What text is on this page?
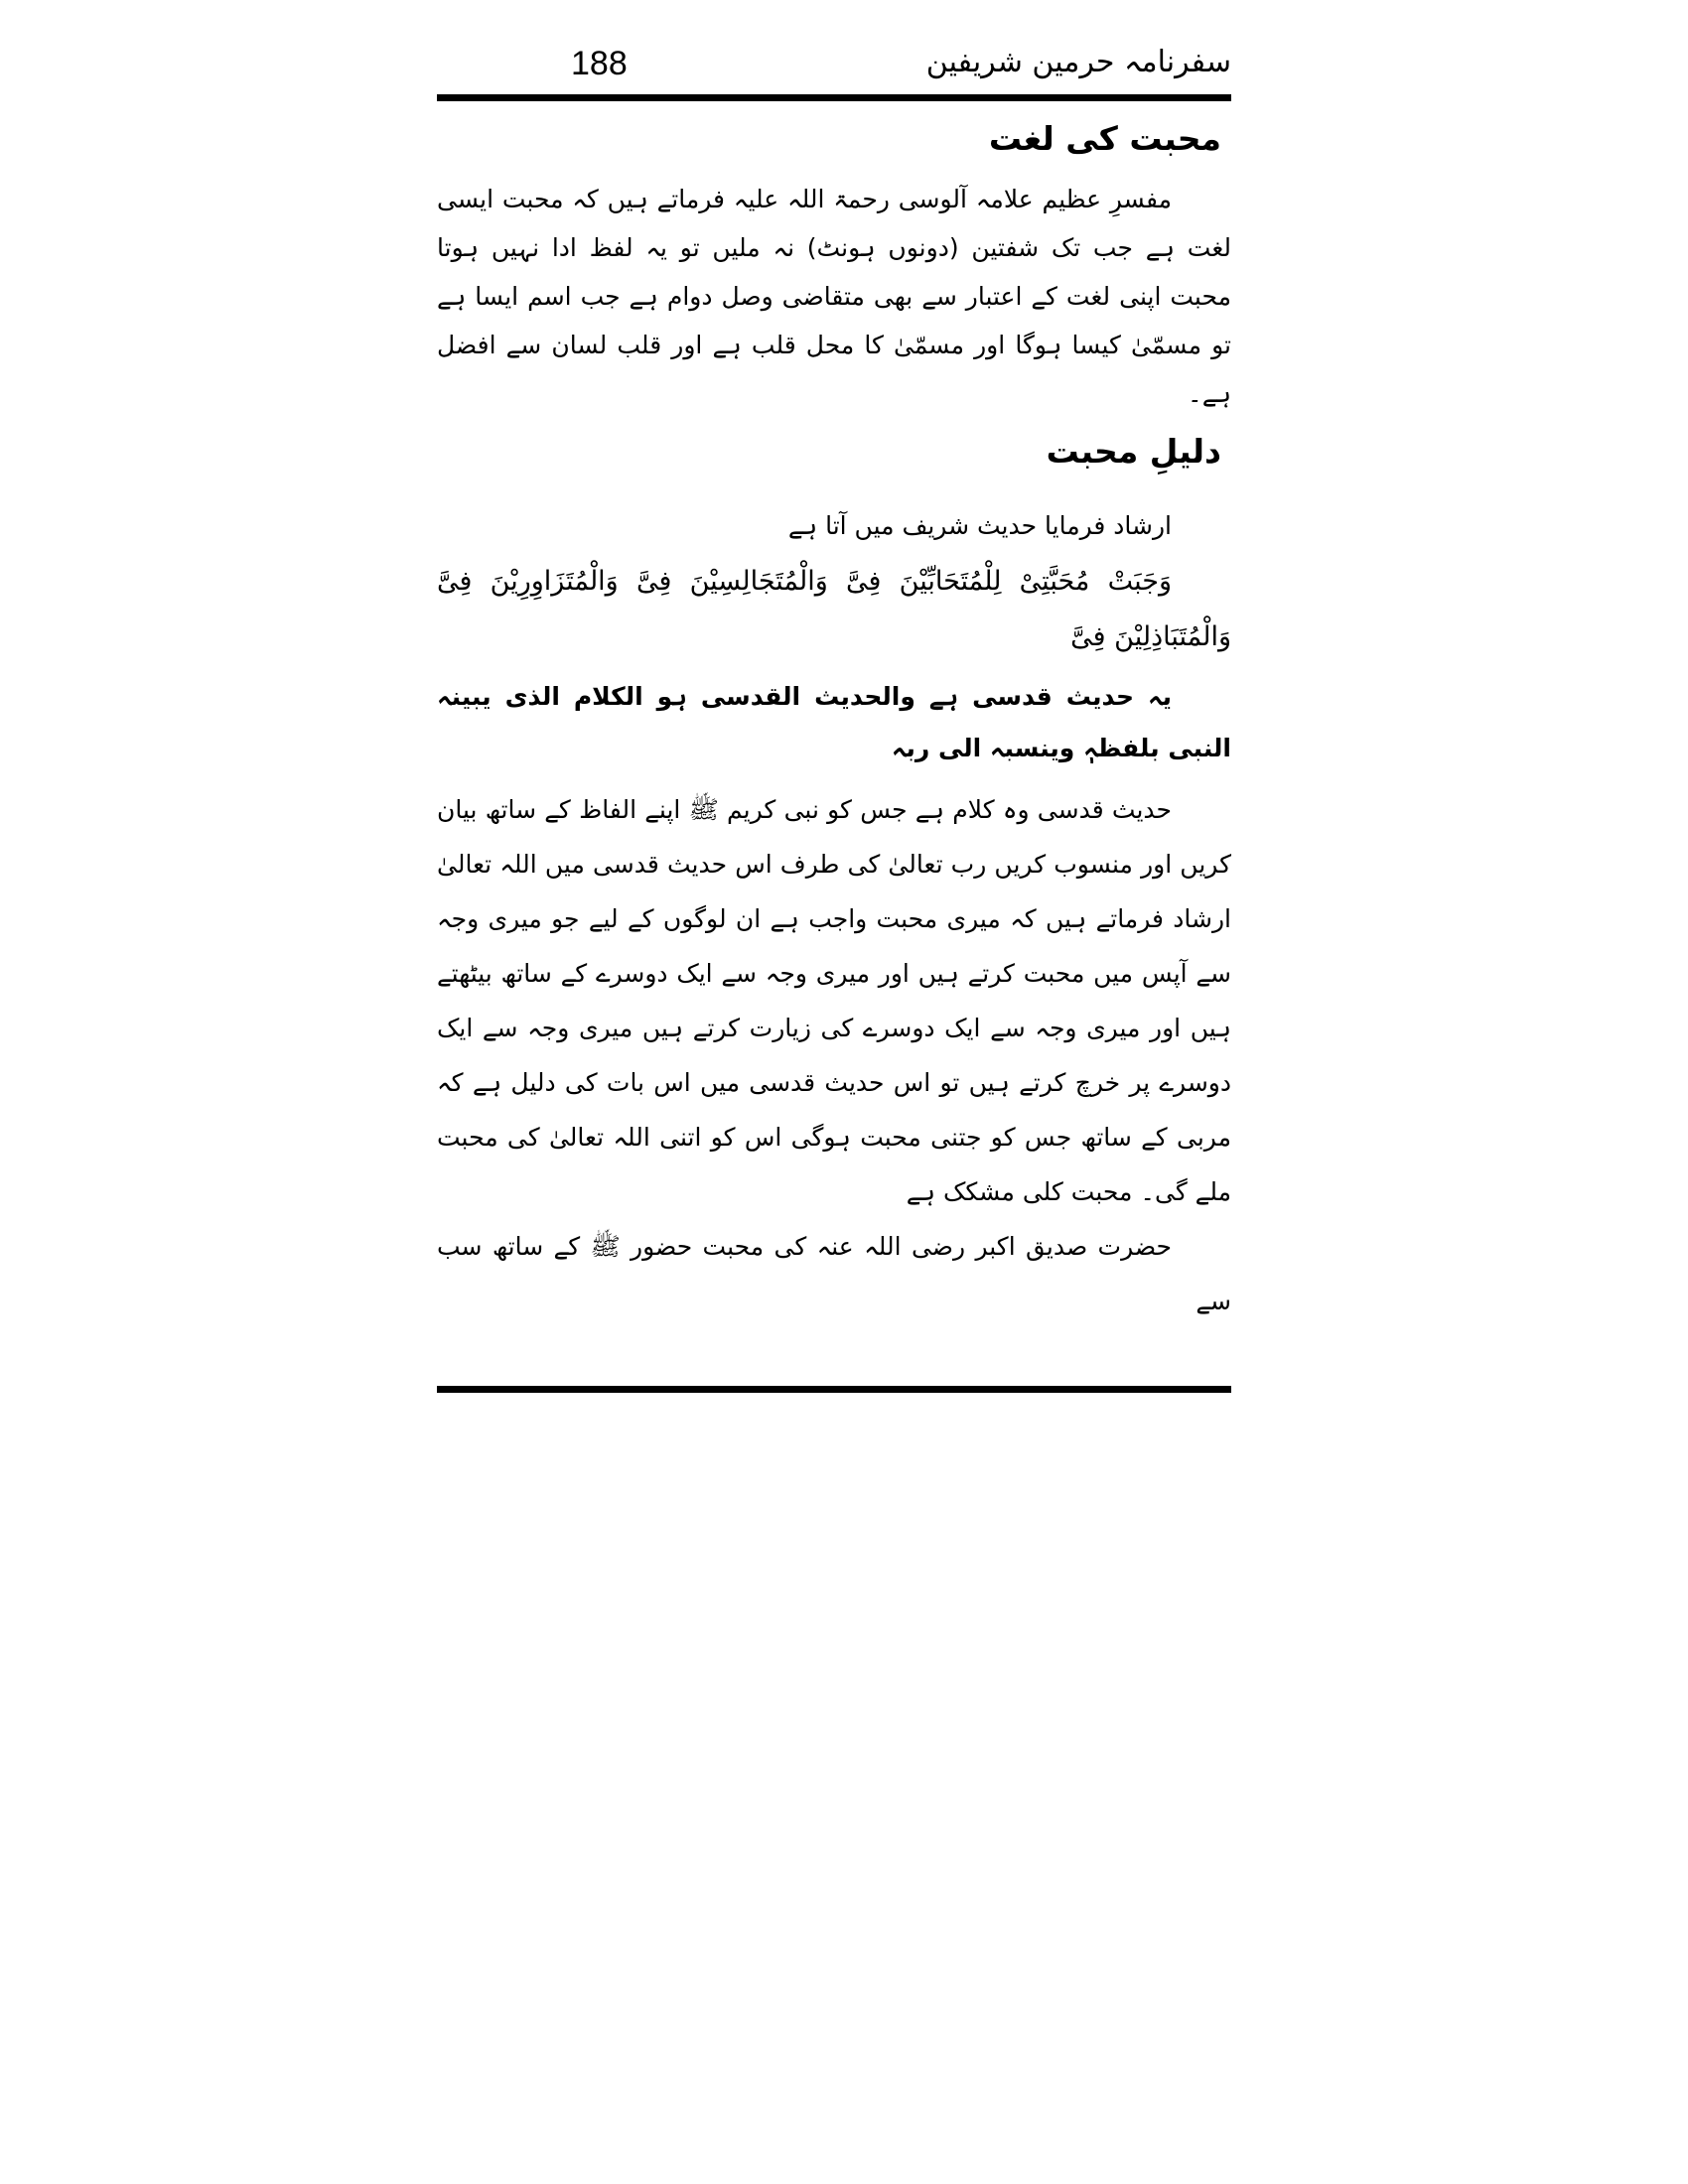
188	سفرنامہ حرمین شریفین
محبت کی لغت

مفسرِ عظیم علامہ آلوسی رحمۃ اللہ علیہ فرماتے ہیں کہ محبت ایسی لغت ہے جب تک شفتین (دونوں ہونٹ) نہ ملیں تو یہ لفظ ادا نہیں ہوتا محبت اپنی لغت کے اعتبار سے بھی متقاضی وصل دوام ہے جب اسم ایسا ہے تو مسمّیٰ کیسا ہوگا اور مسمّیٰ کا محل قلب ہے اور قلب لسان سے افضل ہے۔

دلیلِ محبت

ارشاد فرمایا حدیث شریف میں آتا ہے

وَجَبَتْ مُحَبَّتِیْ لِلْمُتَحَابِّیْنَ فِیَّ وَالْمُتَجَالِسِیْنَ فِیَّ وَالْمُتَزَاوِرِیْنَ فِیَّ وَالْمُتَبَاذِلِیْنَ فِیَّ

یہ حدیث قدسی ہے والحدیث القدسی ہو الکلام الذی یبینہ النبی بلفظہٖ وینسبہ الی ربہ

حدیث قدسی وہ کلام ہے جس کو نبی کریم ﷺ اپنے الفاظ کے ساتھ بیان کریں اور منسوب کریں رب تعالیٰ کی طرف اس حدیث قدسی میں اللہ تعالیٰ ارشاد فرماتے ہیں کہ میری محبت واجب ہے ان لوگوں کے لیے جو میری وجہ سے آپس میں محبت کرتے ہیں اور میری وجہ سے ایک دوسرے کے ساتھ بیٹھتے ہیں اور میری وجہ سے ایک دوسرے کی زیارت کرتے ہیں میری وجہ سے ایک دوسرے پر خرچ کرتے ہیں تو اس حدیث قدسی میں اس بات کی دلیل ہے کہ مربی کے ساتھ جس کو جتنی محبت ہوگی اس کو اتنی اللہ تعالیٰ کی محبت ملے گی۔ محبت کلی مشکک ہے

حضرت صدیق اکبر رضی اللہ عنہ کی محبت حضور ﷺ کے ساتھ سب سے
